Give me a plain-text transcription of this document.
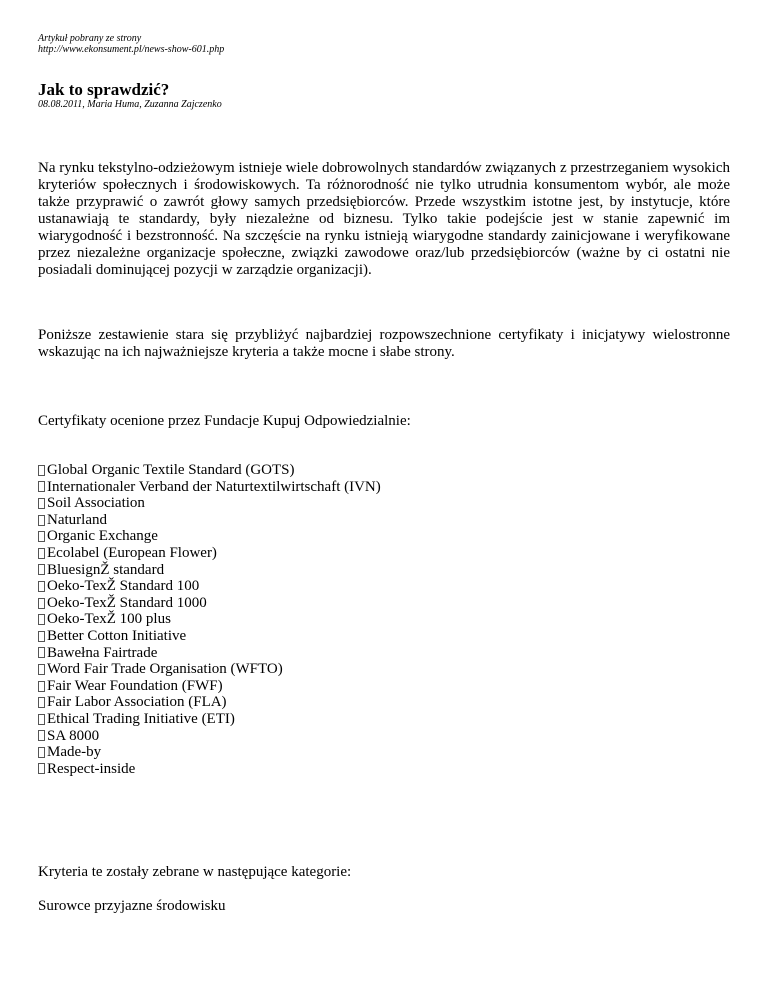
Artykuł pobrany ze strony
http://www.ekonsument.pl/news-show-601.php
Jak to sprawdzić?
08.08.2011, Maria Huma, Zuzanna Zajczenko

Na rynku tekstylno-odzieżowym istnieje wiele dobrowolnych standardów związanych z przestrzeganiem wysokich kryteriów społecznych i środowiskowych. Ta różnorodność nie tylko utrudnia konsumentom wybór, ale może także przyprawić o zawrót głowy samych przedsiębiorców. Przede wszystkim istotne jest, by instytucje, które ustanawiają te standardy, były niezależne od biznesu. Tylko takie podejście jest w stanie zapewnić im wiarygodność i bezstronność. Na szczęście na rynku istnieją wiarygodne standardy zainicjowane i weryfikowane przez niezależne organizacje społeczne, związki zawodowe oraz/lub przedsiębiorców (ważne by ci ostatni nie posiadali dominującej pozycji w zarządzie organizacji).

Poniższe zestawienie stara się przybliżyć najbardziej rozpowszechnione certyfikaty i inicjatywy wielostronne wskazując na ich najważniejsze kryteria a także mocne i słabe strony.

Certyfikaty ocenione przez Fundacje Kupuj Odpowiedzialnie:

Global Organic Textile Standard (GOTS)
Internationaler Verband der Naturtextilwirtschaft (IVN)
Soil Association
Naturland
Organic Exchange
Ecolabel (European Flower)
BluesignŽ standard
Oeko-TexŽ Standard 100
Oeko-TexŽ Standard 1000
Oeko-TexŽ 100 plus
Better Cotton Initiative
Bawełna Fairtrade
Word Fair Trade Organisation (WFTO)
Fair Wear Foundation (FWF)
Fair Labor Association (FLA)
Ethical Trading Initiative (ETI)
SA 8000
Made-by
Respect-inside

Kryteria te zostały zebrane w następujące kategorie:

Surowce przyjazne środowisku
